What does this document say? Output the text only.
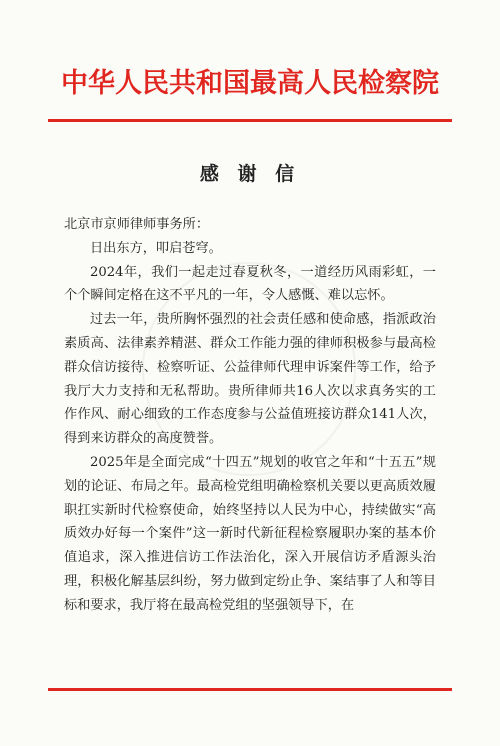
中华人民共和国最高人民检察院
感 谢 信

北京市京师律师事务所：

日出东方，叩启苍穹。

2024年，我们一起走过春夏秋冬，一道经历风雨彩虹，一个个瞬间定格在这不平凡的一年，令人感慨、难以忘怀。

过去一年，贵所胸怀强烈的社会责任感和使命感，指派政治素质高、法律素养精湛、群众工作能力强的律师积极参与最高检群众信访接待、检察听证、公益律师代理申诉案件等工作，给予我厅大力支持和无私帮助。贵所律师共16人次以求真务实的工作作风、耐心细致的工作态度参与公益值班接访群众141人次，得到来访群众的高度赞誉。

2025年是全面完成“十四五”规划的收官之年和“十五五”规划的论证、布局之年。最高检党组明确检察机关要以更高质效履职扛实新时代检察使命，始终坚持以人民为中心，持续做实“高质效办好每一个案件”这一新时代新征程检察履职办案的基本价值追求，深入推进信访工作法治化，深入开展信访矛盾源头治理，积极化解基层纠纷，努力做到定纷止争、案结事了人和等目标和要求，我厅将在最高检党组的坚强领导下，在
